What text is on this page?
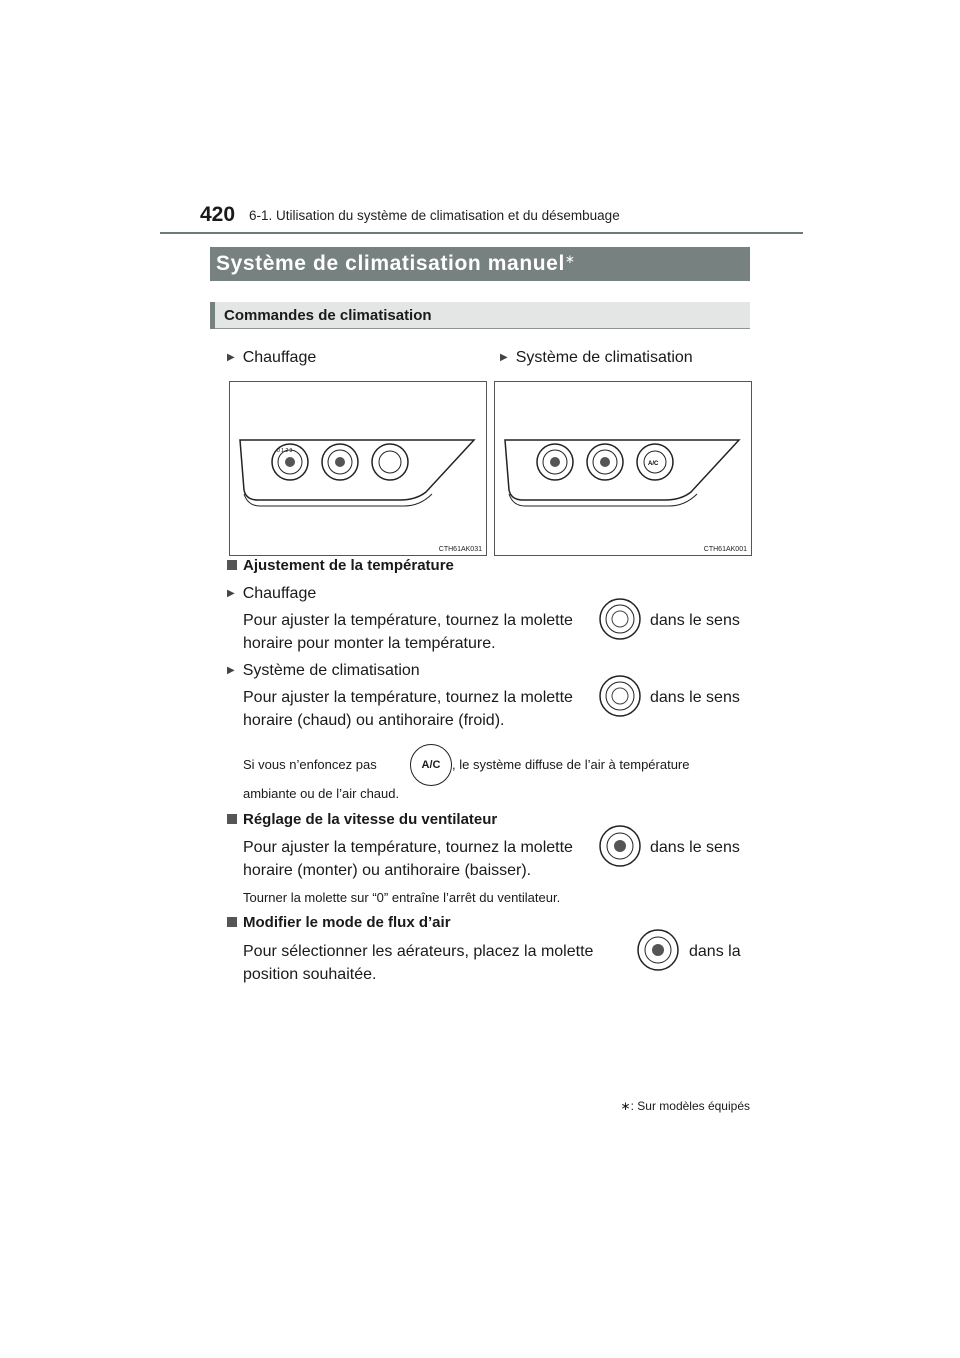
420 6-1. Utilisation du système de climatisation et du désembuage
Système de climatisation manuel∗
Commandes de climatisation
▶ Chauffage	▶ Système de climatisation
0 1 2 3
CTH61AK031
A/C
CTH61AK001
Ajustement de la température
▶ Chauffage
Pour ajuster la température, tournez la molette	dans le sens
horaire pour monter la température.
▶ Système de climatisation
Pour ajuster la température, tournez la molette	dans le sens
horaire (chaud) ou antihoraire (froid).
Si vous n’enfoncez pas	A/C , le système diffuse de l’air à température
ambiante ou de l’air chaud.
Réglage de la vitesse du ventilateur
Pour ajuster la température, tournez la molette	dans le sens
horaire (monter) ou antihoraire (baisser).
Tourner la molette sur “0” entraîne l’arrêt du ventilateur.
Modifier le mode de flux d’air
Pour sélectionner les aérateurs, placez la molette	dans la
position souhaitée.
∗: Sur modèles équipés
